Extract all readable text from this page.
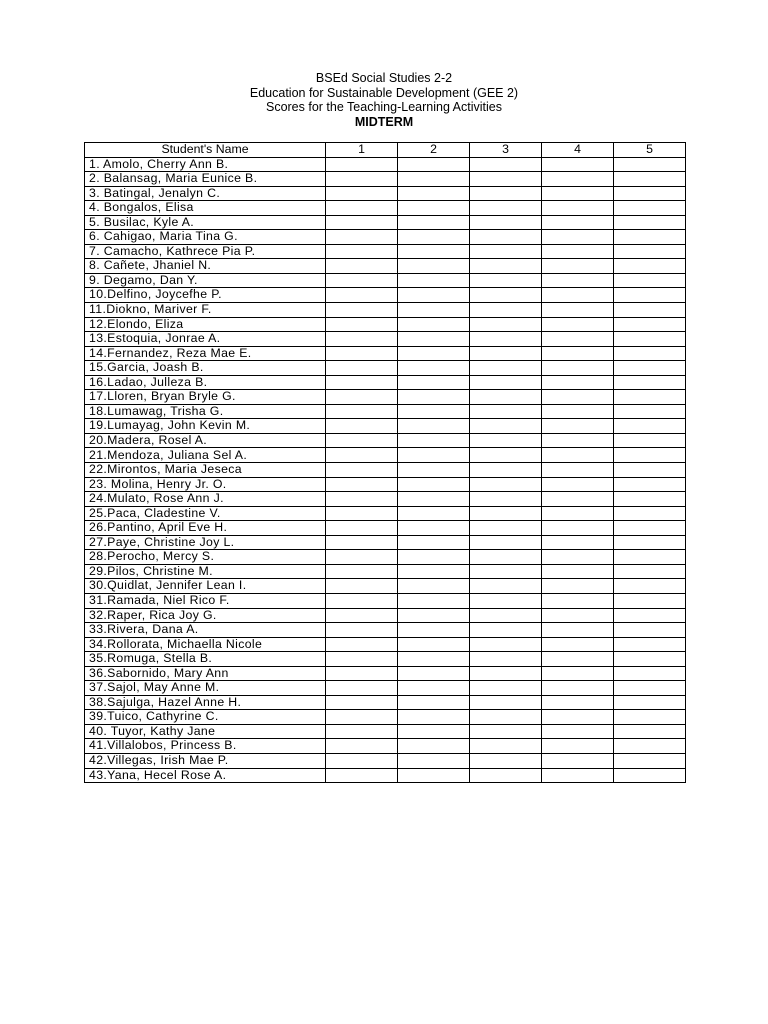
BSEd Social Studies 2-2
Education for Sustainable Development (GEE 2)
Scores for the Teaching-Learning Activities
MIDTERM
Student's Name	1	2	3	4	5
1. Amolo, Cherry Ann B.					
2. Balansag, Maria Eunice B.					
3. Batingal, Jenalyn C.					
4. Bongalos, Elisa					
5. Busilac, Kyle A.					
6. Cahigao, Maria Tina G.					
7. Camacho, Kathrece Pia P.					
8. Cañete, Jhaniel N.					
9. Degamo, Dan Y.					
10.Delfino, Joycefhe P.					
11.Diokno, Mariver F.					
12.Elondo, Eliza					
13.Estoquia, Jonrae A.					
14.Fernandez, Reza Mae E.					
15.Garcia, Joash B.					
16.Ladao, Julleza B.					
17.Lloren, Bryan Bryle G.					
18.Lumawag, Trisha G.					
19.Lumayag, John Kevin M.					
20.Madera, Rosel A.					
21.Mendoza, Juliana Sel A.					
22.Mirontos, Maria Jeseca					
23. Molina, Henry Jr. O.					
24.Mulato, Rose Ann J.					
25.Paca, Cladestine V.					
26.Pantino, April Eve H.					
27.Paye, Christine Joy L.					
28.Perocho, Mercy S.					
29.Pilos, Christine M.					
30.Quidlat, Jennifer Lean I.					
31.Ramada, Niel Rico F.					
32.Raper, Rica Joy G.					
33.Rivera, Dana A.					
34.Rollorata, Michaella Nicole					
35.Romuga, Stella B.					
36.Sabornido, Mary Ann					
37.Sajol, May Anne M.					
38.Sajulga, Hazel Anne H.					
39.Tuico, Cathyrine C.					
40. Tuyor, Kathy Jane					
41.Villalobos, Princess B.					
42.Villegas, Irish Mae P.					
43.Yana, Hecel Rose A.					
